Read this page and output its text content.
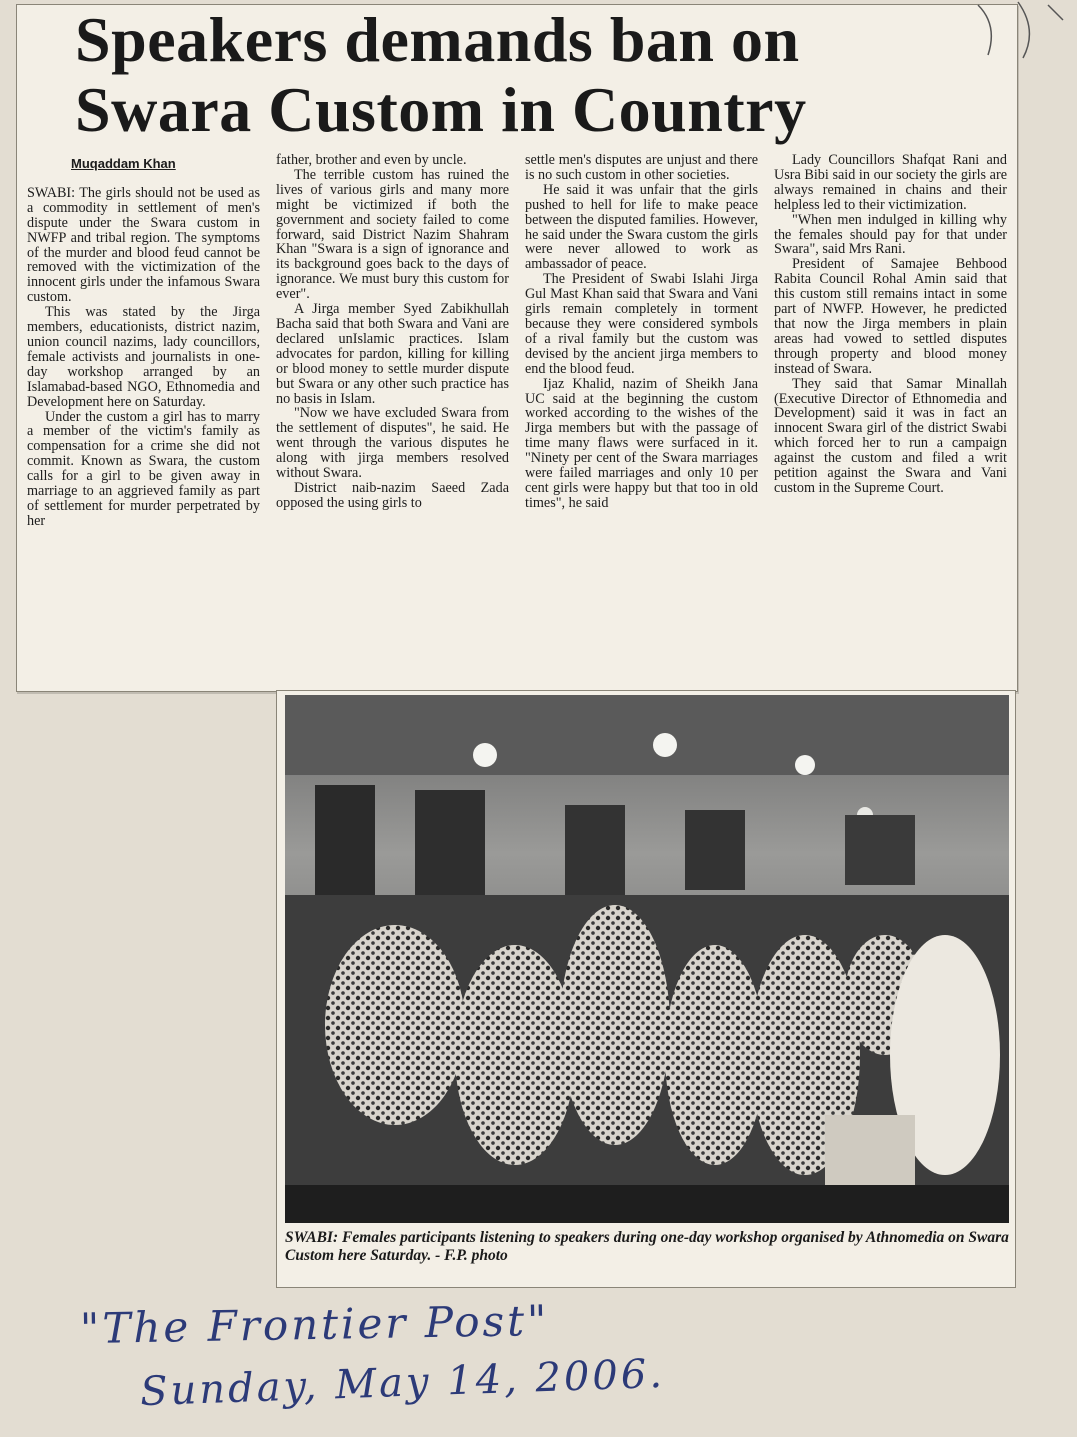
Speakers demands ban on
Swara Custom in Country
Muqaddam Khan

SWABI: The girls should not be used as a commodity in settlement of men's dispute under the Swara custom in NWFP and tribal region. The symptoms of the murder and blood feud cannot be removed with the victimization of the innocent girls under the infamous Swara custom.

This was stated by the Jirga members, educationists, district nazim, union council nazims, lady councillors, female activists and journalists in one-day workshop arranged by an Islamabad-based NGO, Ethnomedia and Development here on Saturday.

Under the custom a girl has to marry a member of the victim's family as compensation for a crime she did not commit. Known as Swara, the custom calls for a girl to be given away in marriage to an aggrieved family as part of settlement for murder perpetrated by her

father, brother and even by uncle.

The terrible custom has ruined the lives of various girls and many more might be victimized if both the government and society failed to come forward, said District Nazim Shahram Khan "Swara is a sign of ignorance and its background goes back to the days of ignorance. We must bury this custom for ever".

A Jirga member Syed Zabikhullah Bacha said that both Swara and Vani are declared unIslamic practices. Islam advocates for pardon, killing for killing or blood money to settle murder dispute but Swara or any other such practice has no basis in Islam.

"Now we have excluded Swara from the settlement of disputes", he said. He went through the various disputes he along with jirga members resolved without Swara.

District naib-nazim Saeed Zada opposed the using girls to

settle men's disputes are unjust and there is no such custom in other societies.

He said it was unfair that the girls pushed to hell for life to make peace between the disputed families. However, he said under the Swara custom the girls were never allowed to work as ambassador of peace.

The President of Swabi Islahi Jirga Gul Mast Khan said that Swara and Vani girls remain completely in torment because they were considered symbols of a rival family but the custom was devised by the ancient jirga members to end the blood feud.

Ijaz Khalid, nazim of Sheikh Jana UC said at the beginning the custom worked according to the wishes of the Jirga members but with the passage of time many flaws were surfaced in it. "Ninety per cent of the Swara marriages were failed marriages and only 10 per cent girls were happy but that too in old times", he said

Lady Councillors Shafqat Rani and Usra Bibi said in our society the girls are always remained in chains and their helpless led to their victimization.

"When men indulged in killing why the females should pay for that under Swara", said Mrs Rani.

President of Samajee Behbood Rabita Council Rohal Amin said that this custom still remains intact in some part of NWFP. However, he predicted that now the Jirga members in plain areas had vowed to settled disputes through property and blood money instead of Swara.

They said that Samar Minallah (Executive Director of Ethnomedia and Development) said it was in fact an innocent Swara girl of the district Swabi which forced her to run a campaign against the custom and filed a writ petition against the Swara and Vani custom in the Supreme Court.

SWABI: Females participants listening to speakers during one-day workshop organised by Athnomedia on Swara Custom here Saturday. - F.P. photo
"The Frontier Post"
Sunday, May 14, 2006.
